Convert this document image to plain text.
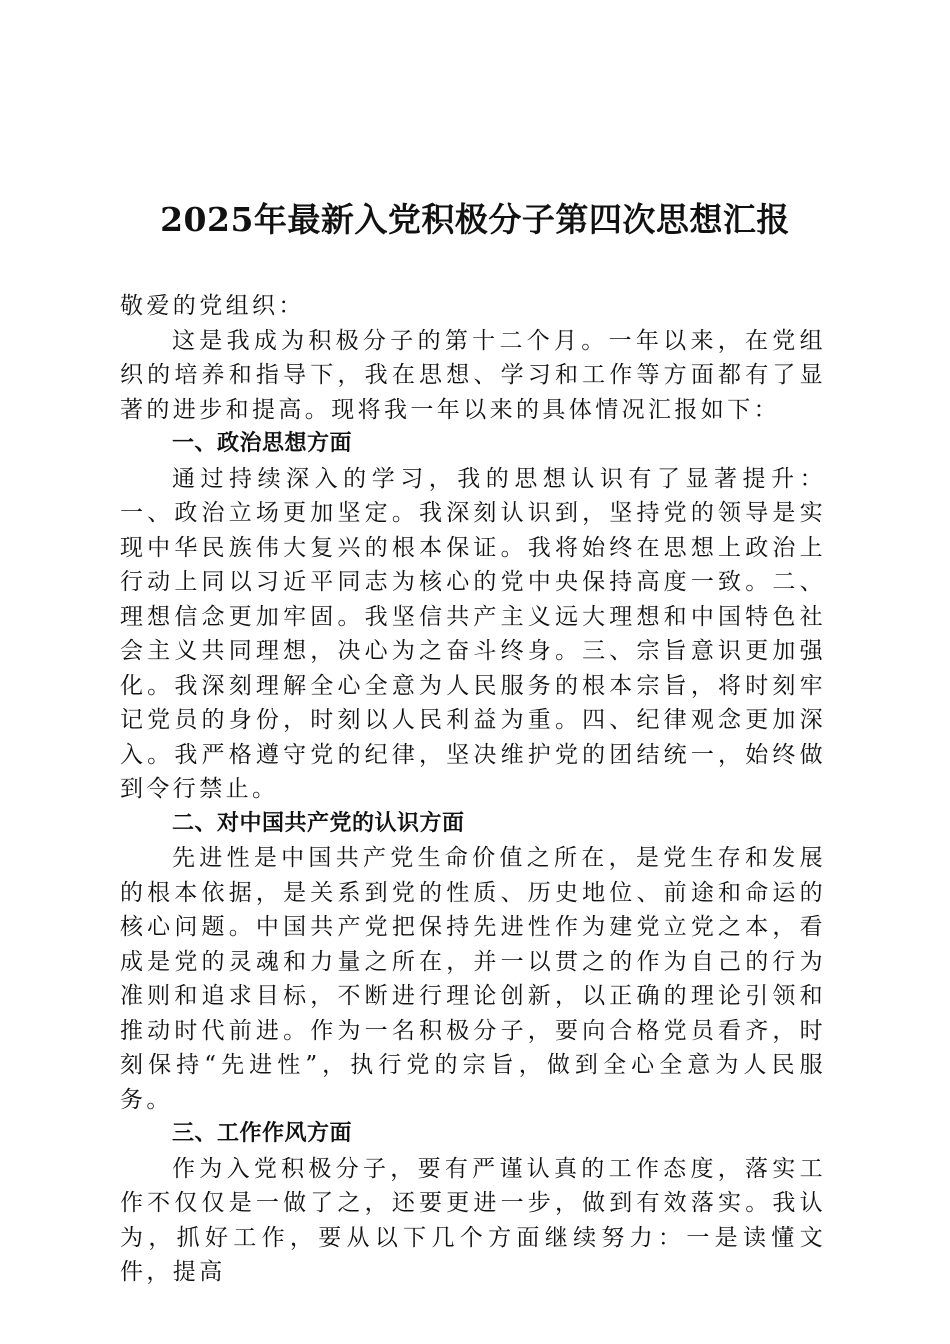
2025年最新入党积极分子第四次思想汇报

敬爱的党组织：

这是我成为积极分子的第十二个月。一年以来，在党组织的培养和指导下，我在思想、学习和工作等方面都有了显著的进步和提高。现将我一年以来的具体情况汇报如下：

一、政治思想方面

通过持续深入的学习，我的思想认识有了显著提升：一、政治立场更加坚定。我深刻认识到，坚持党的领导是实现中华民族伟大复兴的根本保证。我将始终在思想上政治上行动上同以习近平同志为核心的党中央保持高度一致。二、理想信念更加牢固。我坚信共产主义远大理想和中国特色社会主义共同理想，决心为之奋斗终身。三、宗旨意识更加强化。我深刻理解全心全意为人民服务的根本宗旨，将时刻牢记党员的身份，时刻以人民利益为重。四、纪律观念更加深入。我严格遵守党的纪律，坚决维护党的团结统一，始终做到令行禁止。

二、对中国共产党的认识方面

先进性是中国共产党生命价值之所在，是党生存和发展的根本依据，是关系到党的性质、历史地位、前途和命运的核心问题。中国共产党把保持先进性作为建党立党之本，看成是党的灵魂和力量之所在，并一以贯之的作为自己的行为准则和追求目标，不断进行理论创新，以正确的理论引领和推动时代前进。作为一名积极分子，要向合格党员看齐，时刻保持“先进性”，执行党的宗旨，做到全心全意为人民服务。

三、工作作风方面

作为入党积极分子，要有严谨认真的工作态度，落实工作不仅仅是一做了之，还要更进一步，做到有效落实。我认为，抓好工作，要从以下几个方面继续努力：一是读懂文件，提高
